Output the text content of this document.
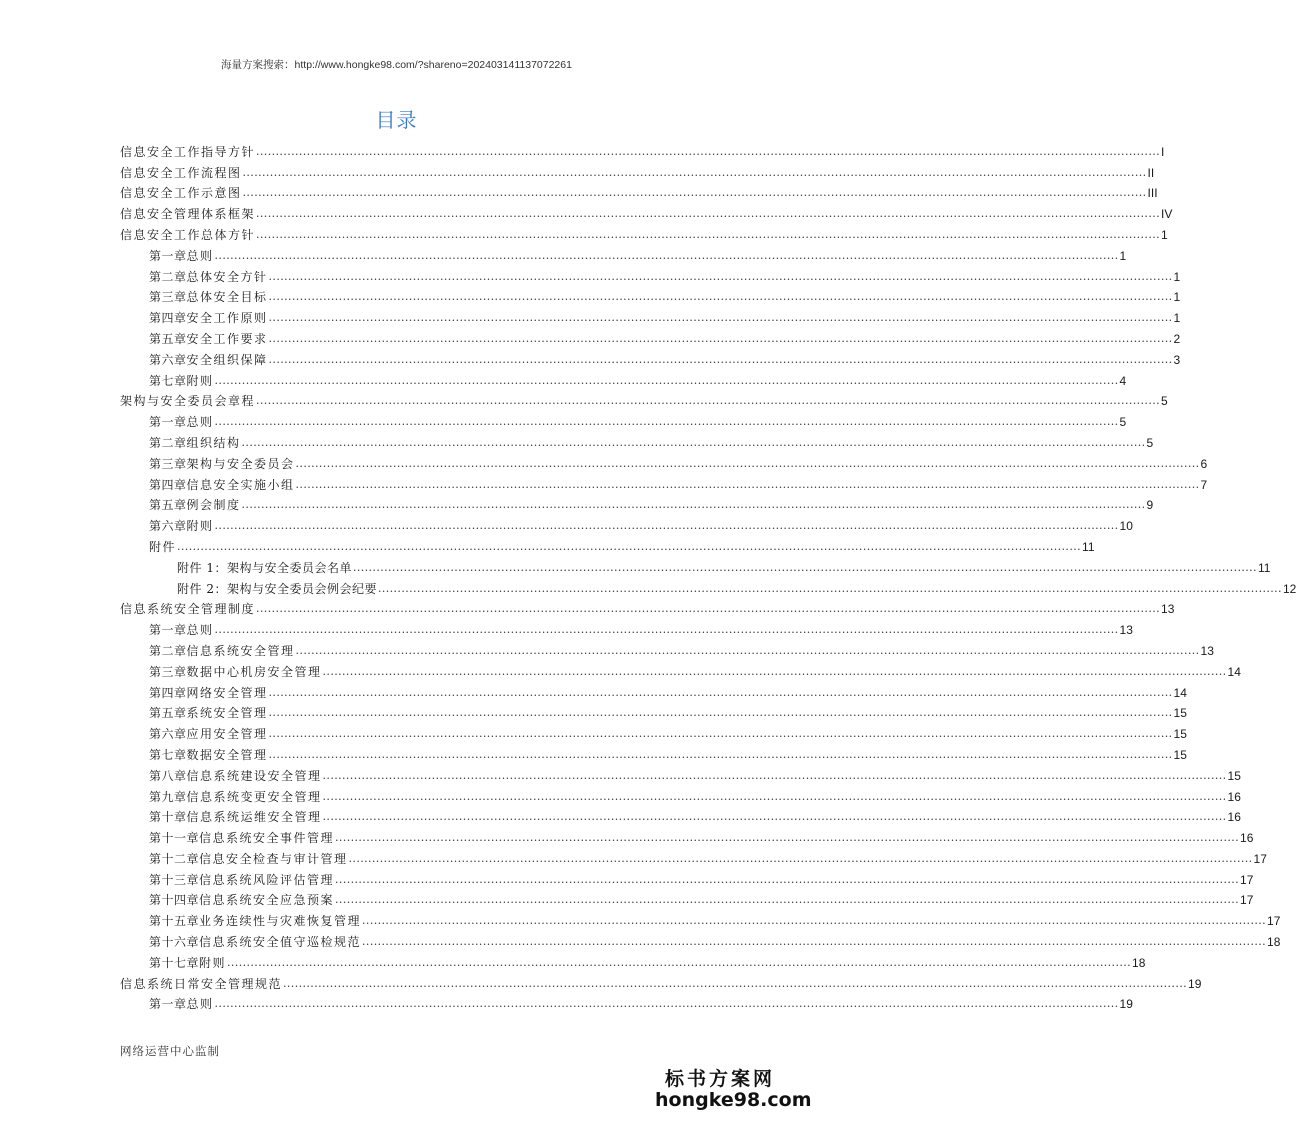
海量方案搜索：http://www.hongke98.com/?shareno=202403141137072261
目录
信息安全工作指导方针 .....	I
信息安全工作流程图 .....	II
信息安全工作示意图 .....	III
信息安全管理体系框架 .....	IV
信息安全工作总体方针 .....	1
第一章 总则 .....	1
第二章 总体安全方针 .....	1
第三章 总体安全目标 .....	1
第四章 安全工作原则 .....	1
第五章 安全工作要求 .....	2
第六章 安全组织保障 .....	3
第七章 附则 .....	4
架构与安全委员会章程 .....	5
第一章 总则 .....	5
第二章 组织结构 .....	5
第三章 架构与安全委员会 .....	6
第四章 信息安全实施小组 .....	7
第五章 例会制度 .....	9
第六章 附则 .....	10
附件 .....	11
附件 1：架构与安全委员会名单 .....	11
附件 2：架构与安全委员会例会纪要 .....	12
信息系统安全管理制度 .....	13
第一章 总则 .....	13
第二章 信息系统安全管理 .....	13
第三章 数据中心机房安全管理 .....	14
第四章 网络安全管理 .....	14
第五章 系统安全管理 .....	15
第六章 应用安全管理 .....	15
第七章 数据安全管理 .....	15
第八章 信息系统建设安全管理 .....	15
第九章 信息系统变更安全管理 .....	16
第十章 信息系统运维安全管理 .....	16
第十一章 信息系统安全事件管理 .....	16
第十二章 信息安全检查与审计管理 .....	17
第十三章 信息系统风险评估管理 .....	17
第十四章 信息系统安全应急预案 .....	17
第十五章 业务连续性与灾难恢复管理 .....	17
第十六章 信息系统安全值守巡检规范 .....	18
第十七章 附则 .....	18
信息系统日常安全管理规范 .....	19
第一章 总则 .....	19
网络运营中心监制
标书方案网
hongke98.com
